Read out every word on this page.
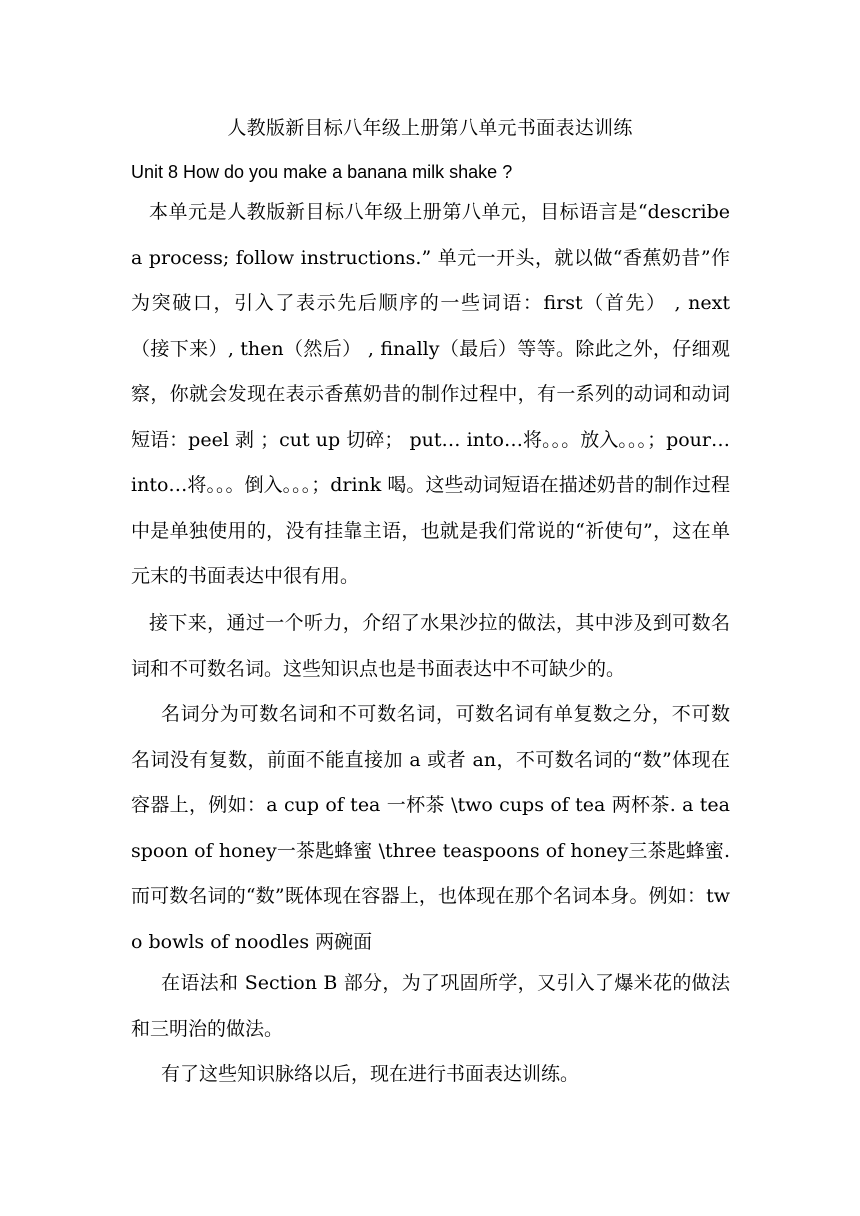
人教版新目标八年级上册第八单元书面表达训练
Unit 8 How do you make a banana milk shake ?
本单元是人教版新目标八年级上册第八单元，目标语言是“describe a process; follow instructions.” 单元一开头，就以做“香蕉奶昔”作为突破口，引入了表示先后顺序的一些词语：first（首先） , next （接下来）, then（然后） , finally（最后）等等。除此之外，仔细观察，你就会发现在表示香蕉奶昔的制作过程中，有一系列的动词和动词短语：peel 剥 ；cut up 切碎； put… into…将。。。放入。。。；pour… into…将。。。倒入。。。；drink 喝。这些动词短语在描述奶昔的制作过程中是单独使用的，没有挂靠主语，也就是我们常说的“祈使句”，这在单元末的书面表达中很有用。
接下来，通过一个听力，介绍了水果沙拉的做法，其中涉及到可数名词和不可数名词。这些知识点也是书面表达中不可缺少的。
名词分为可数名词和不可数名词，可数名词有单复数之分，不可数名词没有复数，前面不能直接加 a 或者 an，不可数名词的“数”体现在容器上，例如：a cup of tea 一杯茶 \two cups of tea 两杯茶. a teaspoon of honey一茶匙蜂蜜 \three teaspoons of honey三茶匙蜂蜜. 而可数名词的“数”既体现在容器上，也体现在那个名词本身。例如：two bowls of noodles 两碗面
在语法和 Section B 部分，为了巩固所学，又引入了爆米花的做法和三明治的做法。
有了这些知识脉络以后，现在进行书面表达训练。
